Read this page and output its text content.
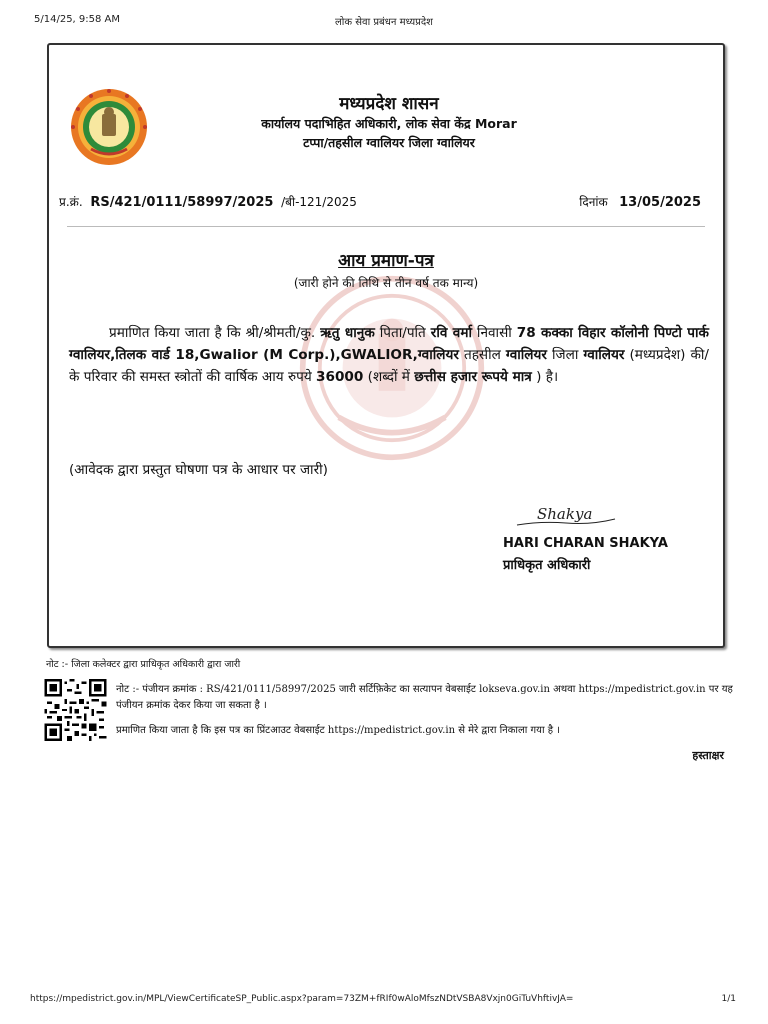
5/14/25, 9:58 AM	लोक सेवा प्रबंधन मध्यप्रदेश
मध्यप्रदेश शासन
कार्यालय पदाभिहित अधिकारी, लोक सेवा केंद्र Morar
टप्पा/तहसील ग्वालियर जिला ग्वालियर
प्र.क्रं. RS/421/0111/58997/2025 /बी-121/2025	दिनांक 13/05/2025
आय प्रमाण-पत्र
(जारी होने की तिथि से तीन वर्ष तक मान्य)
प्रमाणित किया जाता है कि श्री/श्रीमती/कु. ऋतु धानुक पिता/पति रवि वर्मा निवासी 78 कक्का विहार कॉलोनी पिण्टो पार्क ग्वालियर,तिलक वार्ड 18,Gwalior (M Corp.),GWALIOR,ग्वालियर तहसील ग्वालियर जिला ग्वालियर (मध्यप्रदेश) की/के परिवार की समस्त स्त्रोतों की वार्षिक आय रुपये 36000 (शब्दों में छत्तीस हजार रूपये मात्र ) है।
(आवेदक द्वारा प्रस्तुत घोषणा पत्र के आधार पर जारी)
Shakya
HARI CHARAN SHAKYA
प्राधिकृत अधिकारी
नोट :- जिला कलेक्टर द्वारा प्राधिकृत अधिकारी द्वारा जारी
नोट :- पंजीयन क्रमांक : RS/421/0111/58997/2025 जारी सर्टिफ़िकेट का सत्यापन वेबसाईट lokseva.gov.in अथवा https://mpedistrict.gov.in पर यह पंजीयन क्रमांक देकर किया जा सकता है ।
प्रमाणित किया जाता है कि इस पत्र का प्रिंटआउट वेबसाईट https://mpedistrict.gov.in से मेरे द्वारा निकाला गया है ।
हस्ताक्षर
https://mpedistrict.gov.in/MPL/ViewCertificateSP_Public.aspx?param=73ZM+fRIf0wAloMfszNDtVSBA8Vxjn0GiTuVhftivJA=	1/1
